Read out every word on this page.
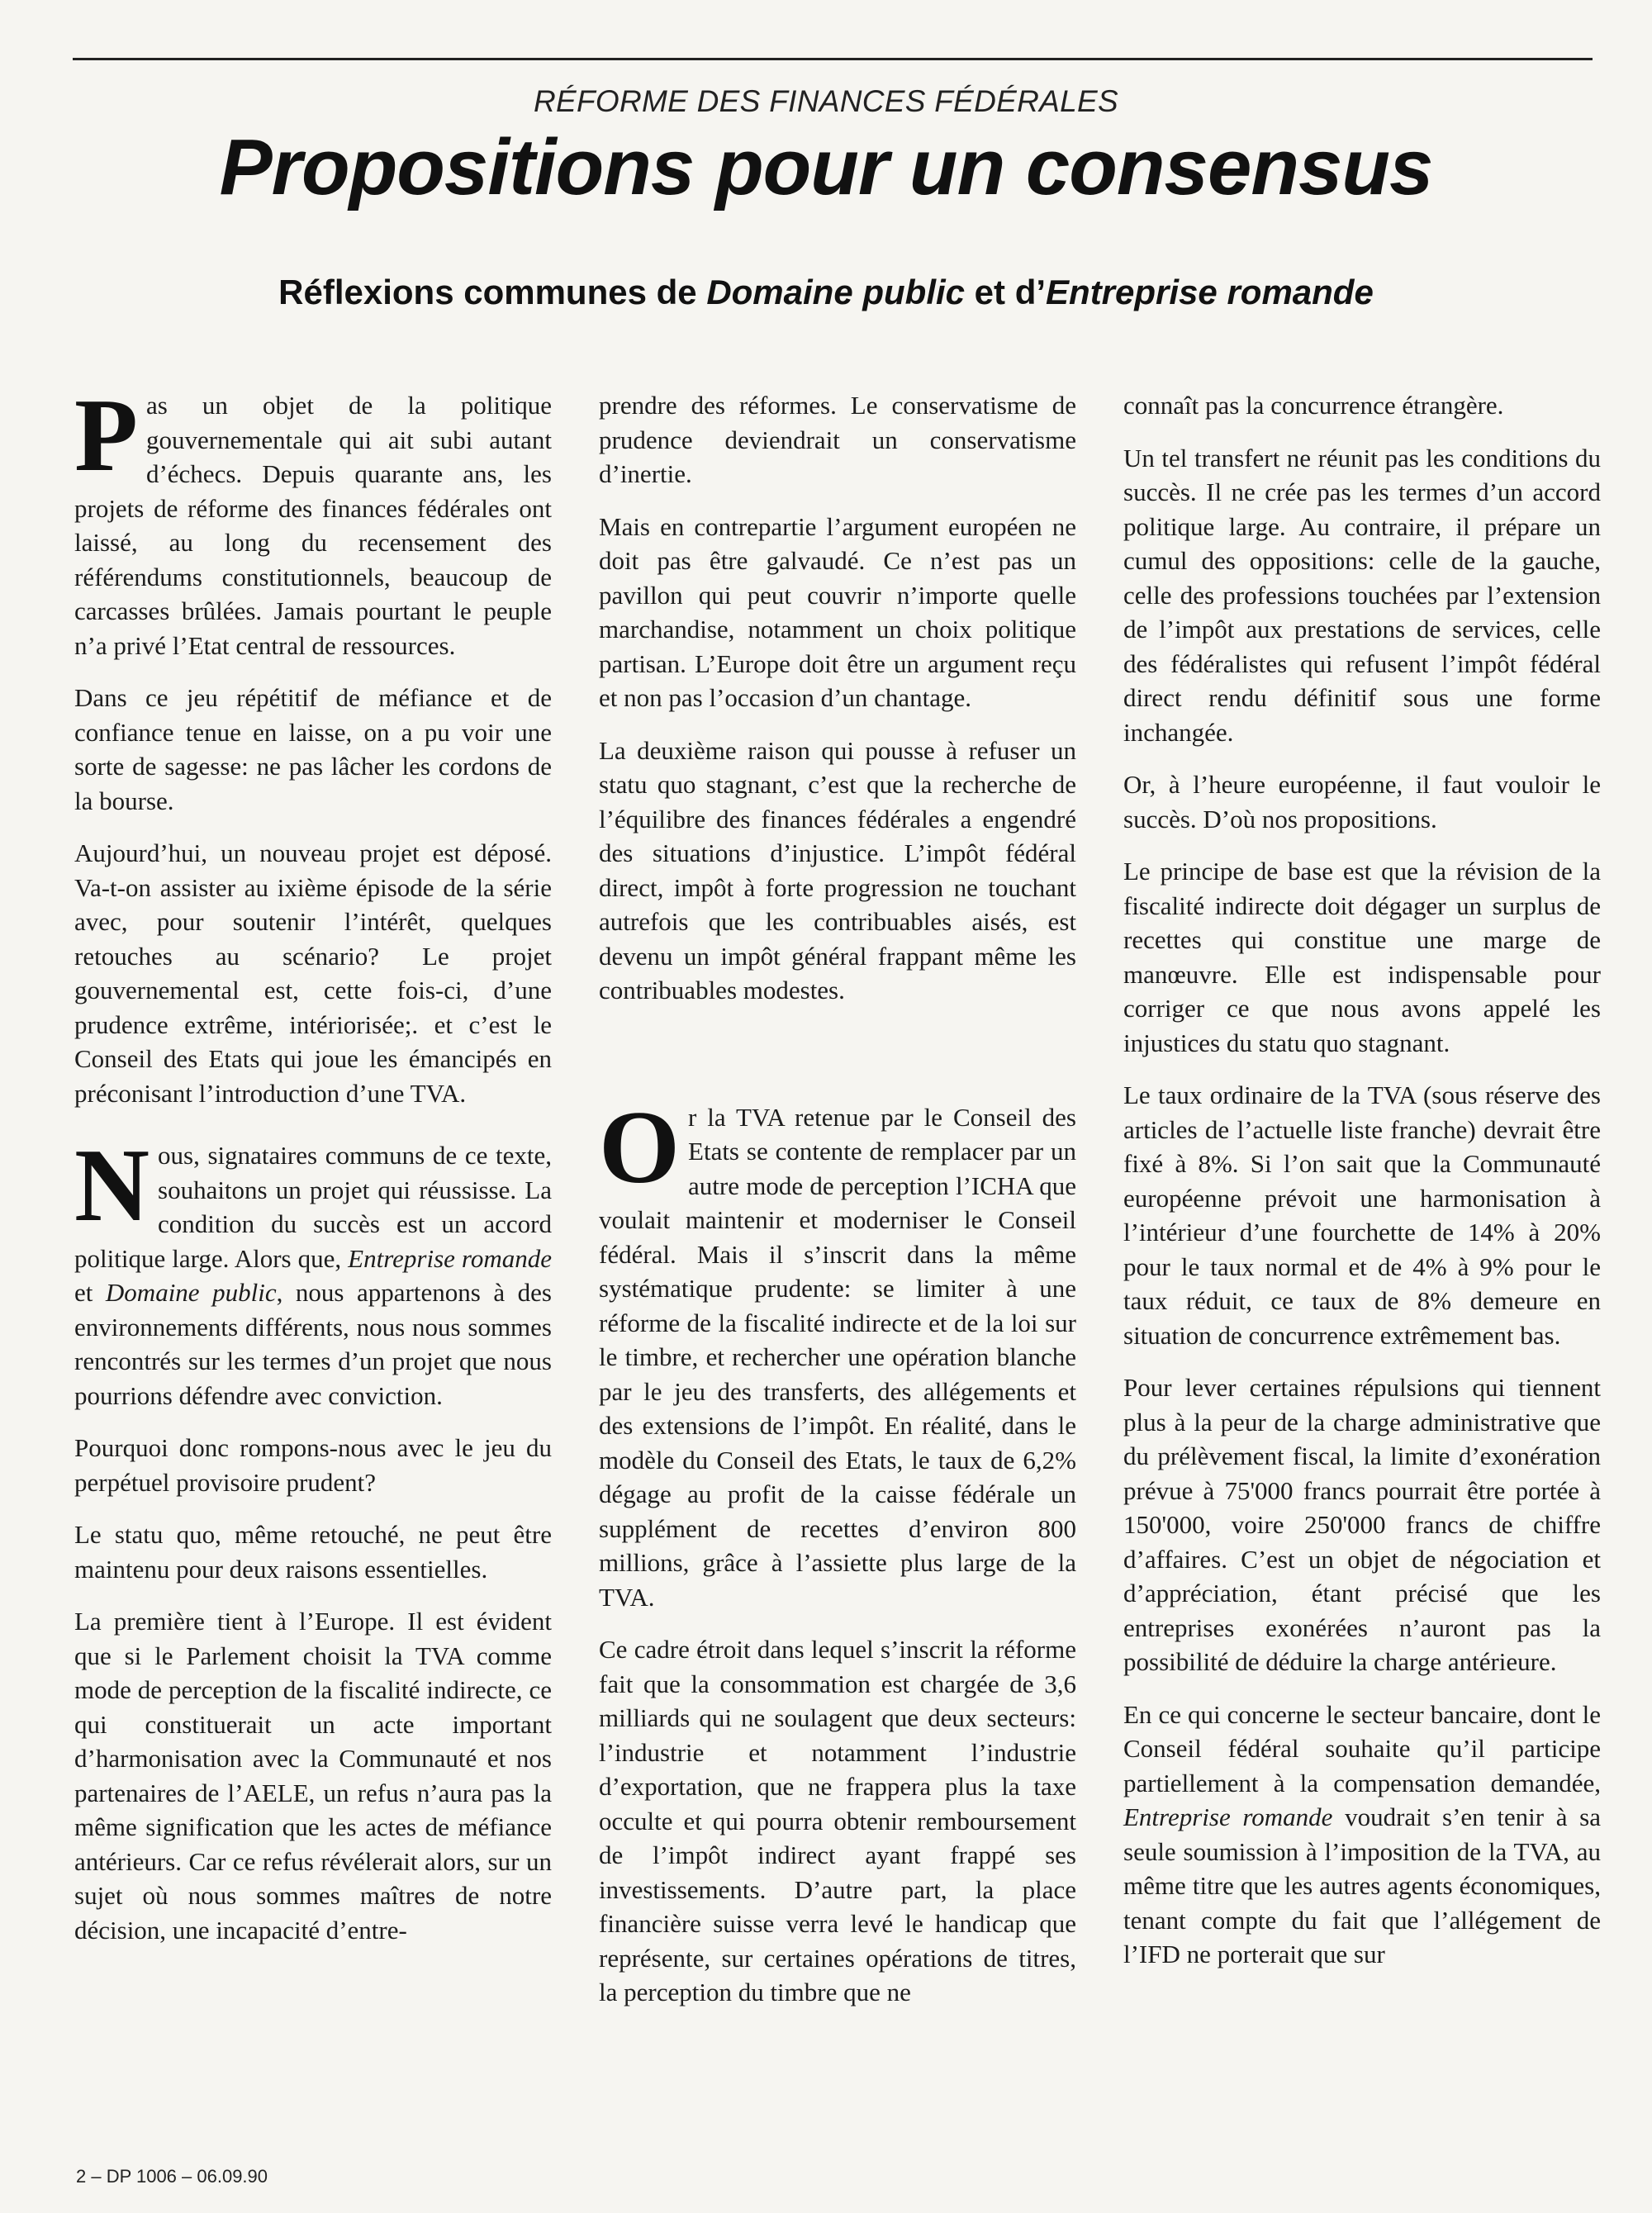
RÉFORME DES FINANCES FÉDÉRALES
Propositions pour un consensus
Réflexions communes de Domaine public et d’Entreprise romande

Pas un objet de la politique gouvernementale qui ait subi autant d’échecs. Depuis quarante ans, les projets de réforme des finances fédérales ont laissé, au long du recensement des référendums constitutionnels, beaucoup de carcasses brûlées. Jamais pourtant le peuple n’a privé l’Etat central de ressources.

Dans ce jeu répétitif de méfiance et de confiance tenue en laisse, on a pu voir une sorte de sagesse: ne pas lâcher les cordons de la bourse.

Aujourd’hui, un nouveau projet est déposé. Va-t-on assister au ixième épisode de la série avec, pour soutenir l’intérêt, quelques retouches au scénario? Le projet gouvernemental est, cette fois-ci, d’une prudence extrême, intériorisée;. et c’est le Conseil des Etats qui joue les émancipés en préconisant l’introduction d’une TVA.

Nous, signataires communs de ce texte, souhaitons un projet qui réussisse. La condition du succès est un accord politique large. Alors que, Entreprise romande et Domaine public, nous appartenons à des environnements différents, nous nous sommes rencontrés sur les termes d’un projet que nous pourrions défendre avec conviction.

Pourquoi donc rompons-nous avec le jeu du perpétuel provisoire prudent?

Le statu quo, même retouché, ne peut être maintenu pour deux raisons essentielles.

La première tient à l’Europe. Il est évident que si le Parlement choisit la TVA comme mode de perception de la fiscalité indirecte, ce qui constituerait un acte important d’harmonisation avec la Communauté et nos partenaires de l’AELE, un refus n’aura pas la même signification que les actes de méfiance antérieurs. Car ce refus révélerait alors, sur un sujet où nous sommes maîtres de notre décision, une incapacité d’entre-

prendre des réformes. Le conservatisme de prudence deviendrait un conservatisme d’inertie.

Mais en contrepartie l’argument européen ne doit pas être galvaudé. Ce n’est pas un pavillon qui peut couvrir n’importe quelle marchandise, notamment un choix politique partisan. L’Europe doit être un argument reçu et non pas l’occasion d’un chantage.

La deuxième raison qui pousse à refuser un statu quo stagnant, c’est que la recherche de l’équilibre des finances fédérales a engendré des situations d’injustice. L’impôt fédéral direct, impôt à forte progression ne touchant autrefois que les contribuables aisés, est devenu un impôt général frappant même les contribuables modestes.

Or la TVA retenue par le Conseil des Etats se contente de remplacer par un autre mode de perception l’ICHA que voulait maintenir et moderniser le Conseil fédéral. Mais il s’inscrit dans la même systématique prudente: se limiter à une réforme de la fiscalité indirecte et de la loi sur le timbre, et rechercher une opération blanche par le jeu des transferts, des allégements et des extensions de l’impôt. En réalité, dans le modèle du Conseil des Etats, le taux de 6,2% dégage au profit de la caisse fédérale un supplément de recettes d’environ 800 millions, grâce à l’assiette plus large de la TVA.

Ce cadre étroit dans lequel s’inscrit la réforme fait que la consommation est chargée de 3,6 milliards qui ne soulagent que deux secteurs: l’industrie et notamment l’industrie d’exportation, que ne frappera plus la taxe occulte et qui pourra obtenir remboursement de l’impôt indirect ayant frappé ses investissements. D’autre part, la place financière suisse verra levé le handicap que représente, sur certaines opérations de titres, la perception du timbre que ne

connaît pas la concurrence étrangère.

Un tel transfert ne réunit pas les conditions du succès. Il ne crée pas les termes d’un accord politique large. Au contraire, il prépare un cumul des oppositions: celle de la gauche, celle des professions touchées par l’extension de l’impôt aux prestations de services, celle des fédéralistes qui refusent l’impôt fédéral direct rendu définitif sous une forme inchangée.

Or, à l’heure européenne, il faut vouloir le succès. D’où nos propositions.

Le principe de base est que la révision de la fiscalité indirecte doit dégager un surplus de recettes qui constitue une marge de manœuvre. Elle est indispensable pour corriger ce que nous avons appelé les injustices du statu quo stagnant.

Le taux ordinaire de la TVA (sous réserve des articles de l’actuelle liste franche) devrait être fixé à 8%. Si l’on sait que la Communauté européenne prévoit une harmonisation à l’intérieur d’une fourchette de 14% à 20% pour le taux normal et de 4% à 9% pour le taux réduit, ce taux de 8% demeure en situation de concurrence extrêmement bas.

Pour lever certaines répulsions qui tiennent plus à la peur de la charge administrative que du prélèvement fiscal, la limite d’exonération prévue à 75'000 francs pourrait être portée à 150'000, voire 250'000 francs de chiffre d’affaires. C’est un objet de négociation et d’appréciation, étant précisé que les entreprises exonérées n’auront pas la possibilité de déduire la charge antérieure.

En ce qui concerne le secteur bancaire, dont le Conseil fédéral souhaite qu’il participe partiellement à la compensation demandée, Entreprise romande voudrait s’en tenir à sa seule soumission à l’imposition de la TVA, au même titre que les autres agents économiques, tenant compte du fait que l’allégement de l’IFD ne porterait que sur

2 – DP 1006 – 06.09.90
